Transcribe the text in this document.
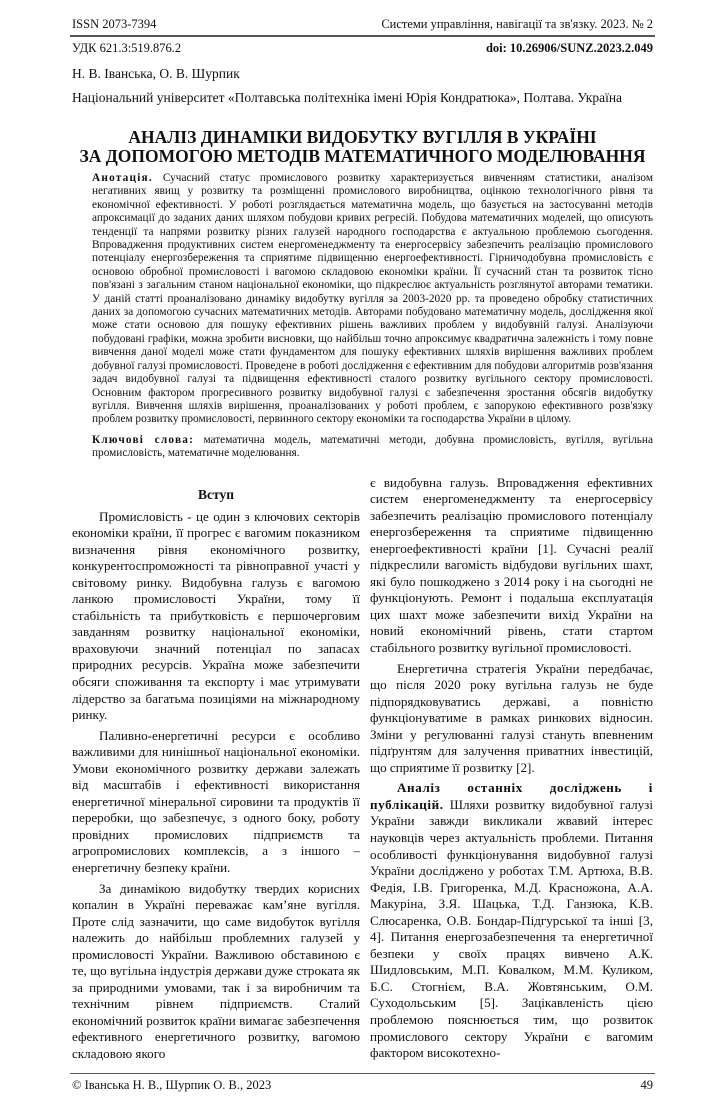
ISSN 2073-7394	Системи управління, навігації та зв'язку. 2023. № 2
УДК 621.3:519.876.2	doi: 10.26906/SUNZ.2023.2.049
Н. В. Іванська, О. В. Шурпик
Національний університет «Полтавська політехніка імені Юрія Кондратюка», Полтава. Україна
АНАЛІЗ ДИНАМІКИ ВИДОБУТКУ ВУГІЛЛЯ В УКРАЇНІ
ЗА ДОПОМОГОЮ МЕТОДІВ МАТЕМАТИЧНОГО МОДЕЛЮВАННЯ
Анотація. Сучасний статус промислового розвитку характеризується вивченням статистики, аналізом негативних явищ у розвитку та розміщенні промислового виробництва, оцінкою технологічного рівня та економічної ефективності. У роботі розглядається математична модель, що базується на застосуванні методів апроксимації до заданих даних шляхом побудови кривих регресій. Побудова математичних моделей, що описують тенденції та напрями розвитку різних галузей народного господарства є актуальною проблемою сьогодення. Впровадження продуктивних систем енергоменеджменту та енергосервісу забезпечить реалізацію промислового потенціалу енергозбереження та сприятиме підвищенню енергоефективності. Гірничодобувна промисловість є основою обробної промисловості і вагомою складовою економіки країни. Її сучасний стан та розвиток тісно пов'язані з загальним станом національної економіки, що підкреслює актуальність розглянутої авторами тематики. У даній статті проаналізовано динаміку видобутку вугілля за 2003-2020 рр. та проведено обробку статистичних даних за допомогою сучасних математичних методів. Авторами побудовано математичну модель, дослідження якої може стати основою для пошуку ефективних рішень важливих проблем у видобувній галузі. Аналізуючи побудовані графіки, можна зробити висновки, що найбільш точно апроксимує квадратична залежність і тому повне вивчення даної моделі може стати фундаментом для пошуку ефективних шляхів вирішення важливих проблем добувної галузі промисловості. Проведене в роботі дослідження є ефективним для побудови алгоритмів розв'язання задач видобувної галузі та підвищення ефективності сталого розвитку вугільного сектору промисловості. Основним фактором прогресивного розвитку видобувної галузі є забезпечення зростання обсягів видобутку вугілля. Вивчення шляхів вирішення, проаналізованих у роботі проблем, є запорукою ефективного розв'язку проблем розвитку промисловості, первинного сектору економіки та господарства України в цілому.
Ключові слова: математична модель, математичні методи, добувна промисловість, вугілля, вугільна промисловість, математичне моделювання.
Вступ

Промисловість - це один з ключових секторів економіки країни, її прогрес є вагомим показником визначення рівня економічного розвитку, конкурентоспроможності та рівноправної участі у світовому ринку. Видобувна галузь є вагомою ланкою промисловості України, тому її стабільність та прибутковість є першочерговим завданням розвитку національної економіки, враховуючи значний потенціал по запасах природних ресурсів. Україна може забезпечити обсяги споживання та експорту і має утримувати лідерство за багатьма позиціями на міжнародному ринку.

Паливно-енергетичні ресурси є особливо важливими для нинішньої національної економіки. Умови економічного розвитку держави залежать від масштабів і ефективності використання енергетичної мінеральної сировини та продуктів її переробки, що забезпечує, з одного боку, роботу провідних промислових підприємств та агропромислових комплексів, а з іншого – енергетичну безпеку країни.

За динамікою видобутку твердих корисних копалин в Україні переважає кам’яне вугілля. Проте слід зазначити, що саме видобуток вугілля належить до найбільш проблемних галузей у промисловості України. Важливою обставиною є те, що вугільна індустрія держави дуже строката як за природними умовами, так і за виробничим та технічним рівнем підприємств. Сталий економічний розвиток країни вимагає забезпечення ефективного енергетичного розвитку, вагомою складовою якого

є видобувна галузь. Впровадження ефективних систем енергоменеджменту та енергосервісу забезпечить реалізацію промислового потенціалу енергозбереження та сприятиме підвищенню енергоефективності країни [1]. Сучасні реалії підкреслили вагомість відбудови вугільних шахт, які було пошкоджено з 2014 року і на сьогодні не функціонують. Ремонт і подальша експлуатація цих шахт може забезпечити вихід України на новий економічний рівень, стати стартом стабільного розвитку вугільної промисловості.

Енергетична стратегія України передбачає, що після 2020 року вугільна галузь не буде підпорядковуватись державі, а повністю функціонуватиме в рамках ринкових відносин. Зміни у регулюванні галузі стануть впевненим підґрунтям для залучення приватних інвестицій, що сприятиме її розвитку [2].

Аналіз останніх досліджень і публікацій. Шляхи розвитку видобувної галузі України завжди викликали жвавий інтерес науковців через актуальність проблеми. Питання особливості функціонування видобувної галузі України досліджено у роботах Т.М. Артюха, В.В. Федія, І.В. Григоренка, М.Д. Красножона, А.А. Макуріна, З.Я. Шацька, Т.Д. Ганзюка, К.В. Слюсаренка, О.В. Бондар-Підгурської та інші [3, 4]. Питання енергозабезпечення та енергетичної безпеки у своїх працях вивчено А.К. Шидловським, М.П. Ковалком, М.М. Куликом, Б.С. Стогнієм, В.А. Жовтянським, О.М. Суходольським [5]. Зацікавленість цією проблемою пояснюється тим, що розвиток промислового сектору України є вагомим фактором високотехно-

© Іванська Н. В., Шурпик О. В., 2023	49
